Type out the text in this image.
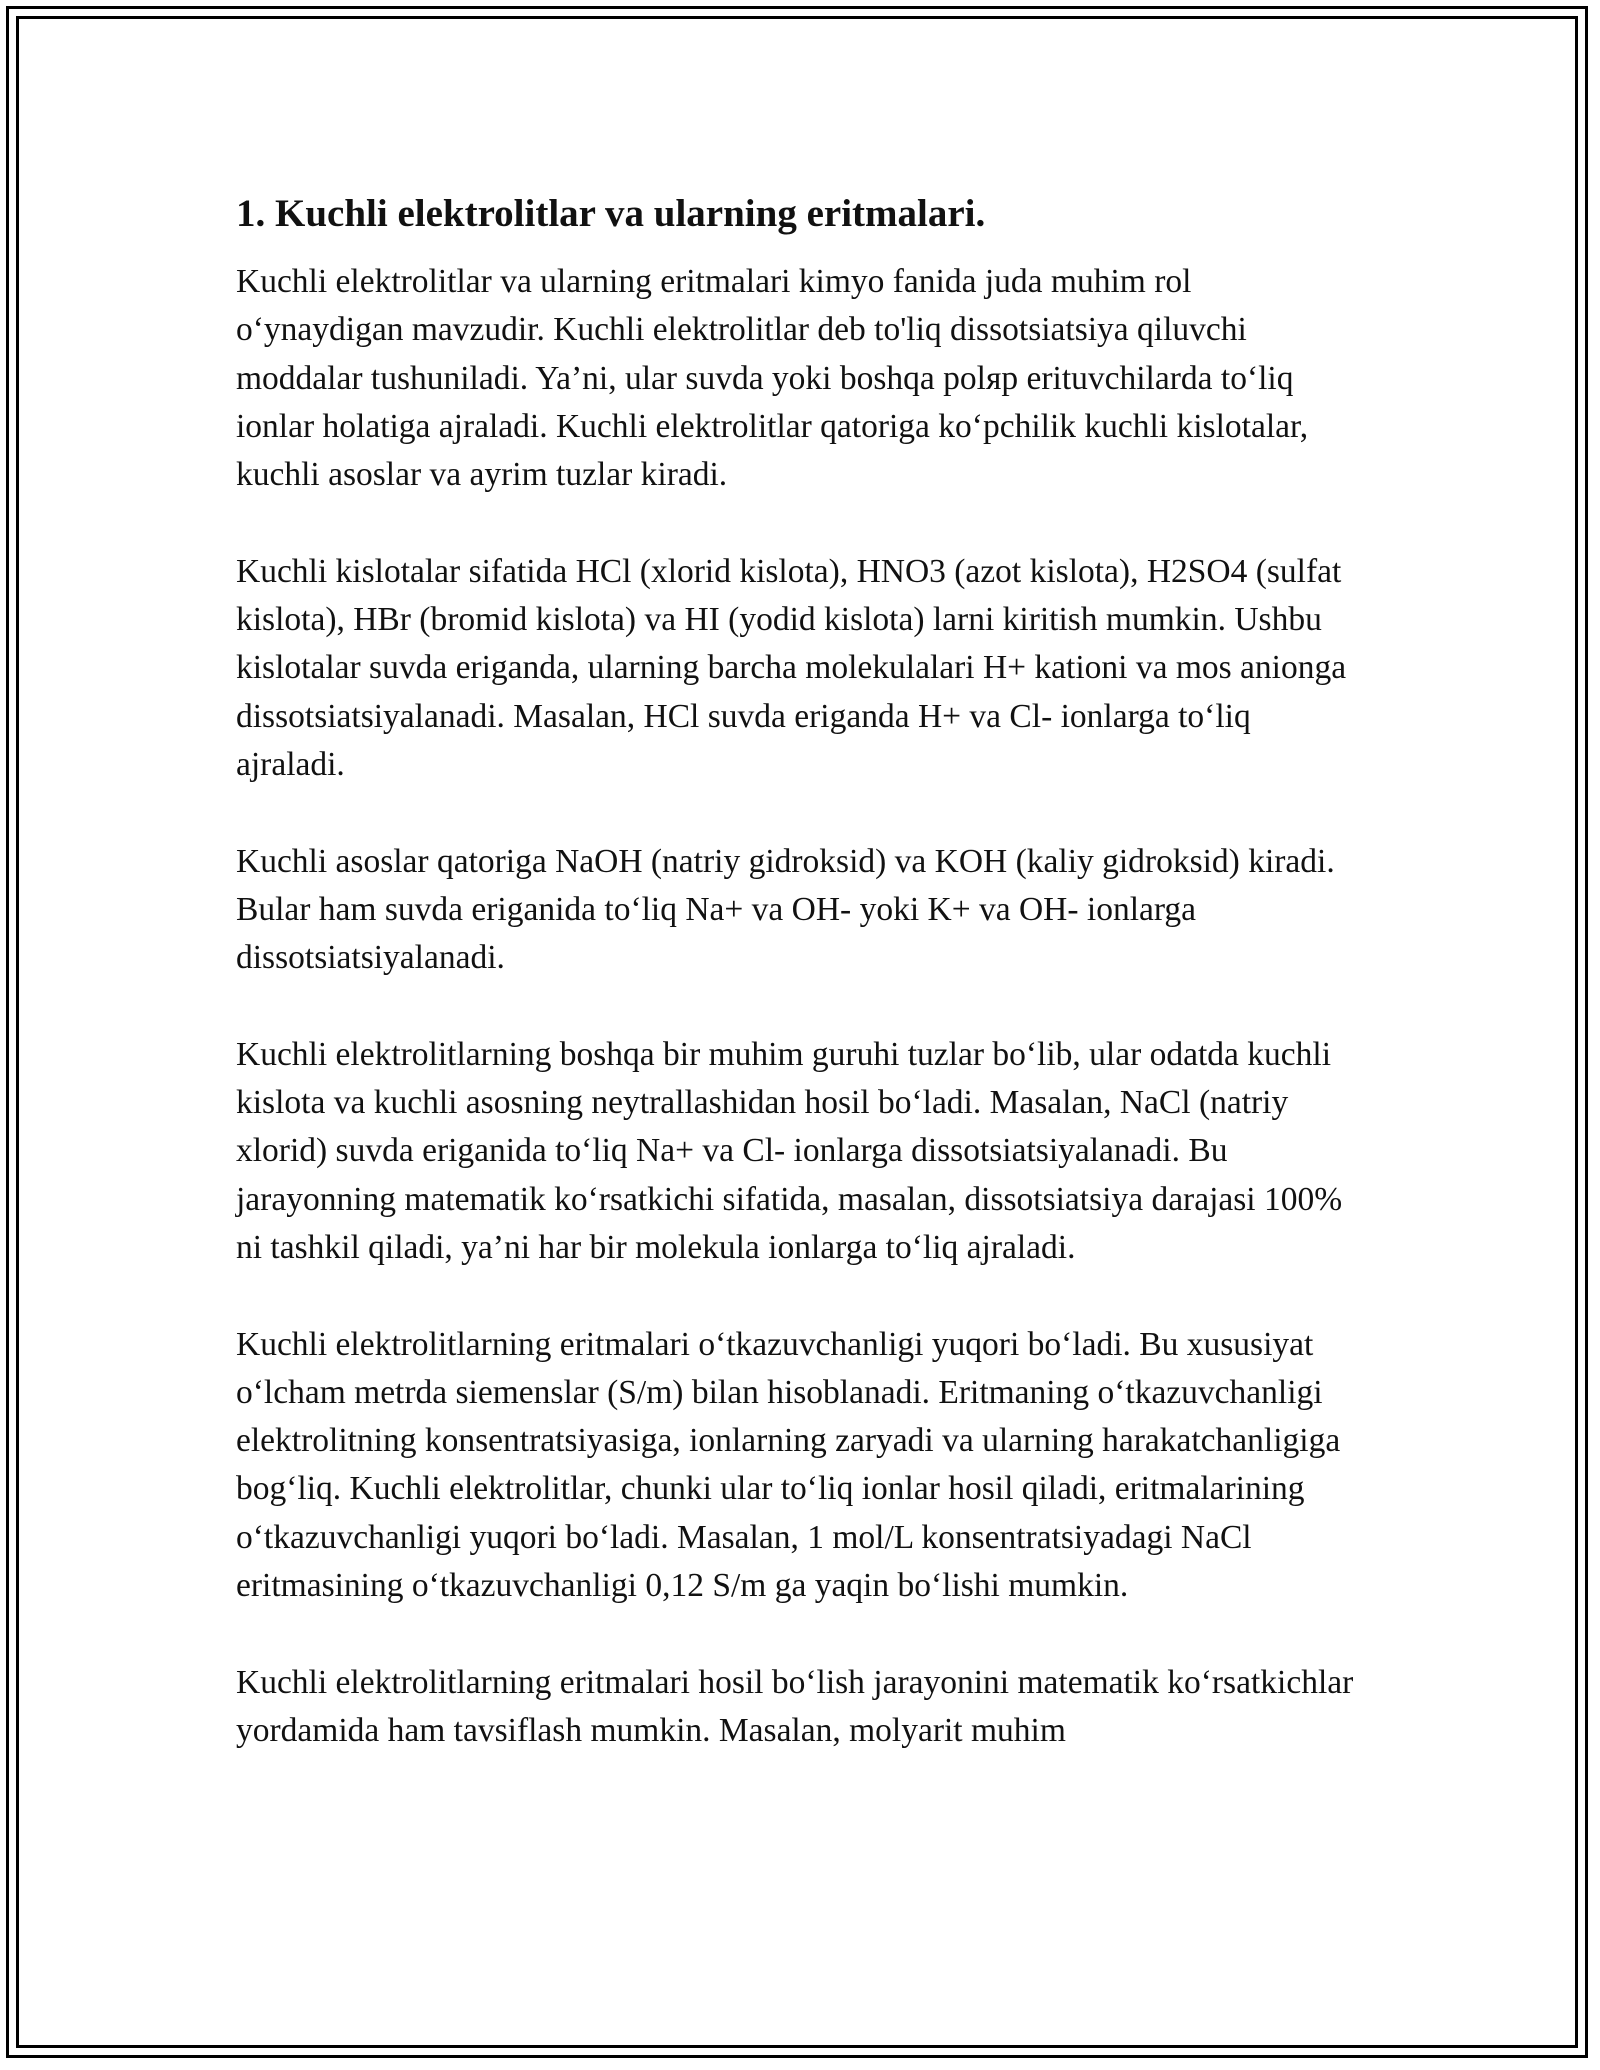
1. Kuchli elektrolitlar va ularning eritmalari.

Kuchli elektrolitlar va ularning eritmalari kimyo fanida juda muhim rol o‘ynaydigan mavzudir. Kuchli elektrolitlar deb to'liq dissotsiatsiya qiluvchi moddalar tushuniladi. Ya’ni, ular suvda yoki boshqa polяр erituvchilarda to‘liq ionlar holatiga ajraladi. Kuchli elektrolitlar qatoriga ko‘pchilik kuchli kislotalar, kuchli asoslar va ayrim tuzlar kiradi.

Kuchli kislotalar sifatida HCl (xlorid kislota), HNO3 (azot kislota), H2SO4 (sulfat kislota), HBr (bromid kislota) va HI (yodid kislota) larni kiritish mumkin. Ushbu kislotalar suvda eriganda, ularning barcha molekulalari H+ kationi va mos anionga dissotsiatsiyalanadi. Masalan, HCl suvda eriganda H+ va Cl- ionlarga to‘liq ajraladi.

Kuchli asoslar qatoriga NaOH (natriy gidroksid) va KOH (kaliy gidroksid) kiradi. Bular ham suvda eriganida to‘liq Na+ va OH- yoki K+ va OH- ionlarga dissotsiatsiyalanadi.

Kuchli elektrolitlarning boshqa bir muhim guruhi tuzlar bo‘lib, ular odatda kuchli kislota va kuchli asosning neytrallashidan hosil bo‘ladi. Masalan, NaCl (natriy xlorid) suvda eriganida to‘liq Na+ va Cl- ionlarga dissotsiatsiyalanadi. Bu jarayonning matematik ko‘rsatkichi sifatida, masalan, dissotsiatsiya darajasi 100% ni tashkil qiladi, ya’ni har bir molekula ionlarga to‘liq ajraladi.

Kuchli elektrolitlarning eritmalari o‘tkazuvchanligi yuqori bo‘ladi. Bu xususiyat o‘lcham metrda siemenslar (S/m) bilan hisoblanadi. Eritmaning o‘tkazuvchanligi elektrolitning konsentratsiyasiga, ionlarning zaryadi va ularning harakatchanligiga bog‘liq. Kuchli elektrolitlar, chunki ular to‘liq ionlar hosil qiladi, eritmalarining o‘tkazuvchanligi yuqori bo‘ladi. Masalan, 1 mol/L konsentratsiyadagi NaCl eritmasining o‘tkazuvchanligi 0,12 S/m ga yaqin bo‘lishi mumkin.

Kuchli elektrolitlarning eritmalari hosil bo‘lish jarayonini matematik ko‘rsatkichlar yordamida ham tavsiflash mumkin. Masalan, molyarit muhim
